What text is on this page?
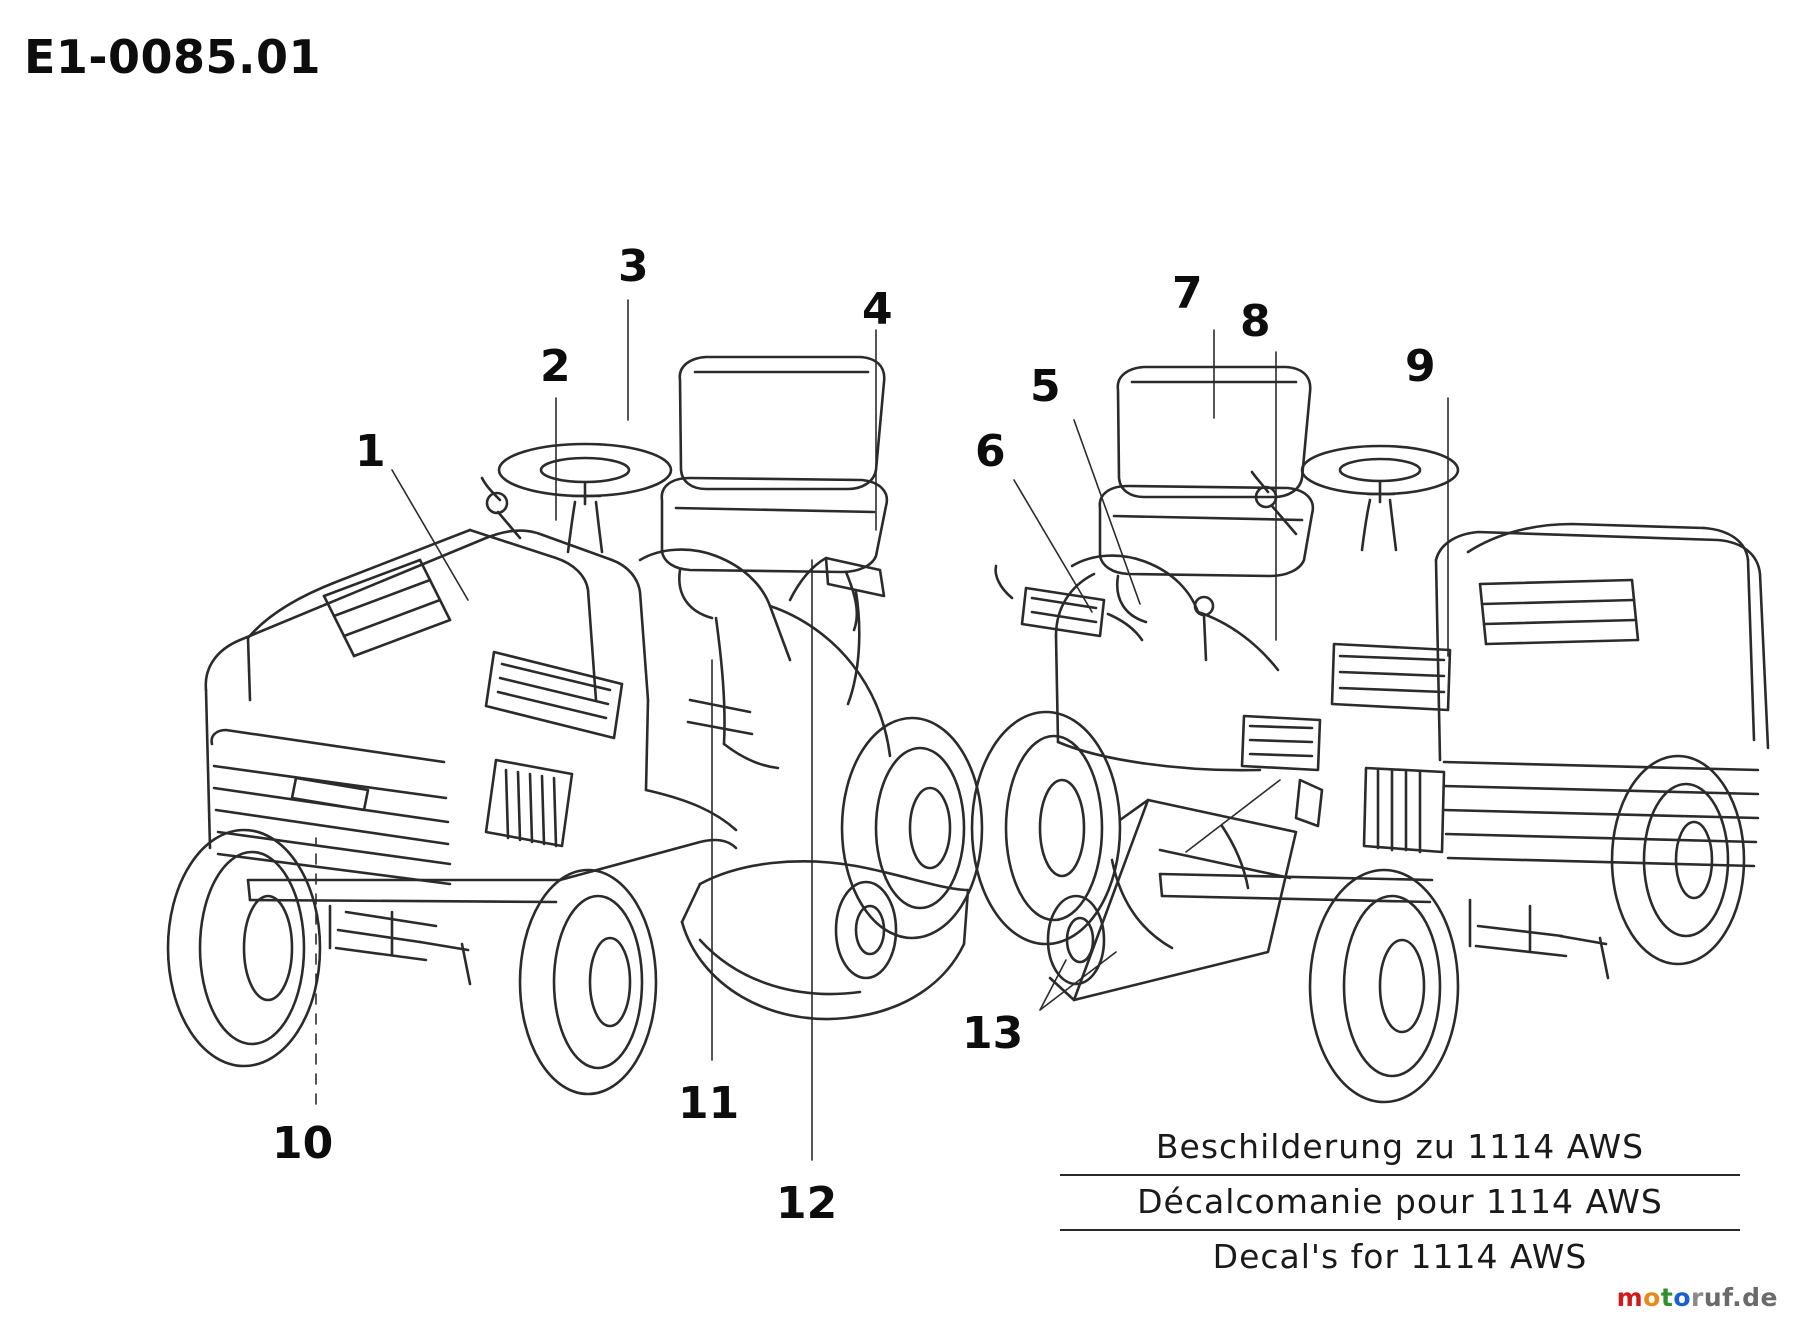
E1-0085.01
1
2
3
4
5
6
7
8
9
10
11
12
13
Beschilderung zu 1114 AWS
Décalcomanie pour 1114 AWS
Decal's for 1114 AWS
motoruf.de
